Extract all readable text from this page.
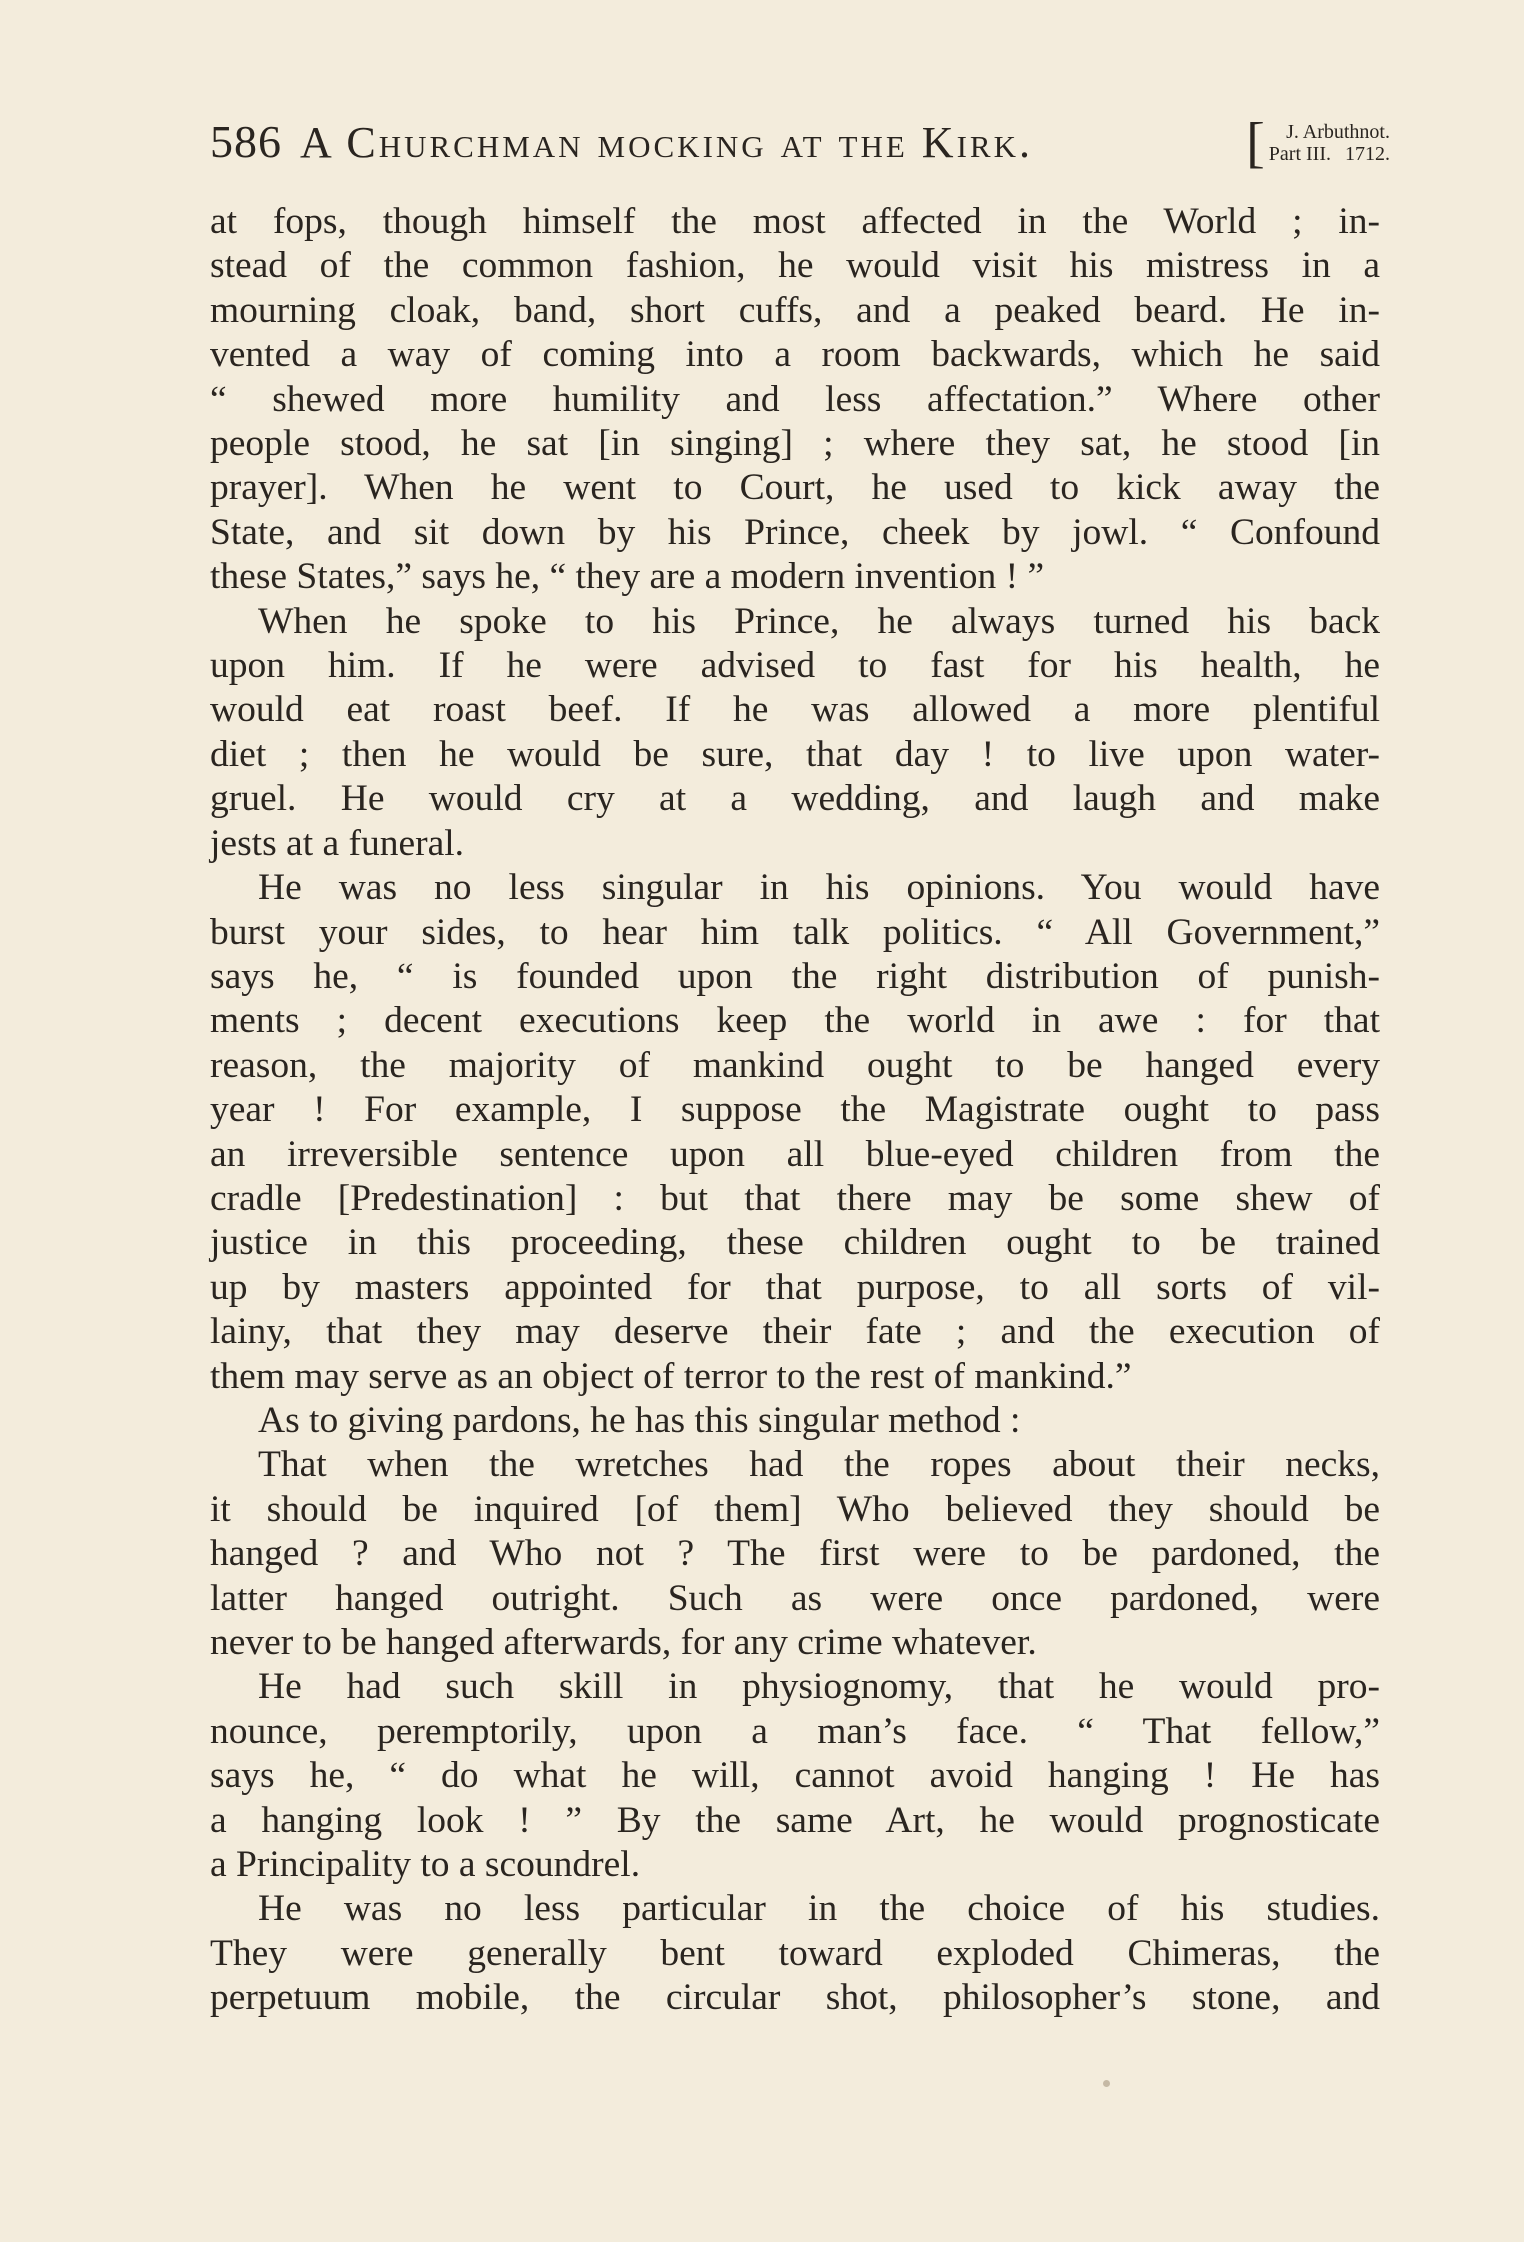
586 A Churchman mocking at the Kirk.	[ J. Arbuthnot.
Part III. 1712.
at fops, though himself the most affected in the World ; in-
stead of the common fashion, he would visit his mistress in a
mourning cloak, band, short cuffs, and a peaked beard. He in-
vented a way of coming into a room backwards, which he said
“ shewed more humility and less affectation.” Where other
people stood, he sat [in singing] ; where they sat, he stood [in
prayer]. When he went to Court, he used to kick away the
State, and sit down by his Prince, cheek by jowl. “ Confound
these States,” says he, “ they are a modern invention ! ”
When he spoke to his Prince, he always turned his back
upon him. If he were advised to fast for his health, he
would eat roast beef. If he was allowed a more plentiful
diet ; then he would be sure, that day ! to live upon water-
gruel. He would cry at a wedding, and laugh and make
jests at a funeral.
He was no less singular in his opinions. You would have
burst your sides, to hear him talk politics. “ All Government,”
says he, “ is founded upon the right distribution of punish-
ments ; decent executions keep the world in awe : for that
reason, the majority of mankind ought to be hanged every
year ! For example, I suppose the Magistrate ought to pass
an irreversible sentence upon all blue-eyed children from the
cradle [Predestination] : but that there may be some shew of
justice in this proceeding, these children ought to be trained
up by masters appointed for that purpose, to all sorts of vil-
lainy, that they may deserve their fate ; and the execution of
them may serve as an object of terror to the rest of mankind.”
As to giving pardons, he has this singular method :
That when the wretches had the ropes about their necks,
it should be inquired [of them] Who believed they should be
hanged ? and Who not ? The first were to be pardoned, the
latter hanged outright. Such as were once pardoned, were
never to be hanged afterwards, for any crime whatever.
He had such skill in physiognomy, that he would pro-
nounce, peremptorily, upon a man’s face. “ That fellow,”
says he, “ do what he will, cannot avoid hanging ! He has
a hanging look ! ” By the same Art, he would prognosticate
a Principality to a scoundrel.
He was no less particular in the choice of his studies.
They were generally bent toward exploded Chimeras, the
perpetuum mobile, the circular shot, philosopher’s stone, and
